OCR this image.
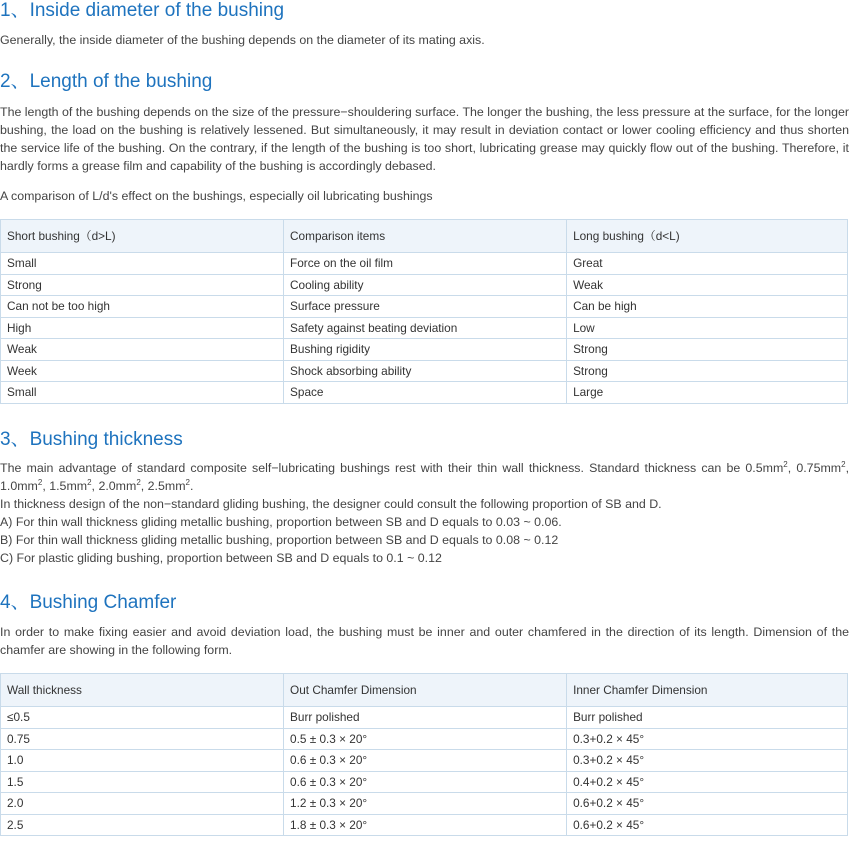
1、Inside diameter of the bushing

Generally, the inside diameter of the bushing depends on the diameter of its mating axis.

2、Length of the bushing

The length of the bushing depends on the size of the pressure−shouldering surface. The longer the bushing, the less pressure at the surface, for the longer bushing, the load on the bushing is relatively lessened. But simultaneously, it may result in deviation contact or lower cooling efficiency and thus shorten the service life of the bushing. On the contrary, if the length of the bushing is too short, lubricating grease may quickly flow out of the bushing. Therefore, it hardly forms a grease film and capability of the bushing is accordingly debased.

A comparison of L/d's effect on the bushings, especially oil lubricating bushings

Short bushing（d>L)	Comparison items	Long bushing（d<L)
Small	Force on the oil film	Great
Strong	Cooling ability	Weak
Can not be too high	Surface pressure	Can be high
High	Safety against beating deviation	Low
Weak	Bushing rigidity	Strong
Week	Shock absorbing ability	Strong
Small	Space	Large
3、Bushing thickness

The main advantage of standard composite self−lubricating bushings rest with their thin wall thickness. Standard thickness can be $0.5mm^2$, $0.75mm^2$, $1.0mm^2$, $1.5mm^2$, $2.0mm^2$, $2.5mm^2$.

In thickness design of the non−standard gliding bushing, the designer could consult the following proportion of SB and D.

A) For thin wall thickness gliding metallic bushing, proportion between SB and D equals to 0.03 ~ 0.06.

B) For thin wall thickness gliding metallic bushing, proportion between SB and D equals to 0.08 ~ 0.12

C) For plastic gliding bushing, proportion between SB and D equals to 0.1 ~ 0.12

4、Bushing Chamfer

In order to make fixing easier and avoid deviation load, the bushing must be inner and outer chamfered in the direction of its length. Dimension of the chamfer are showing in the following form.

Wall thickness	Out Chamfer Dimension	Inner Chamfer Dimension
≤0.5	Burr polished	Burr polished
0.75	0.5 ± 0.3 × 20°	0.3+0.2 × 45°
1.0	0.6 ± 0.3 × 20°	0.3+0.2 × 45°
1.5	0.6 ± 0.3 × 20°	0.4+0.2 × 45°
2.0	1.2 ± 0.3 × 20°	0.6+0.2 × 45°
2.5	1.8 ± 0.3 × 20°	0.6+0.2 × 45°
